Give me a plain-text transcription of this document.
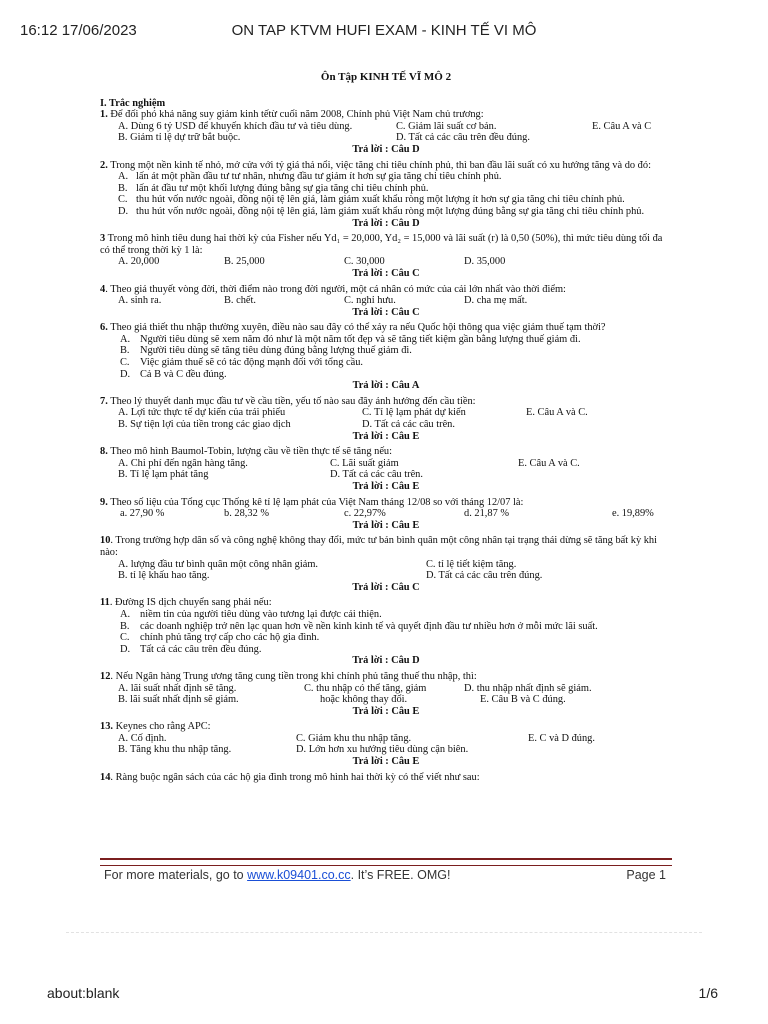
16:12 17/06/2023	ON TAP KTVM HUFI EXAM - KINH TẾ VI MÔ
Ôn Tập KINH TẾ VĨ MÔ 2
I. Trắc nghiệm
1. Để đối phó khả năng suy giảm kinh tếtừ cuối năm 2008, Chính phủ Việt Nam chủ trương:
A. Dùng 6 tỷ USD để khuyến khích đầu tư và tiêu dùng.	C. Giảm lãi suất cơ bản.	E. Câu A và C
B. Giảm tỉ lệ dự trữ bắt buộc.	D. Tất cả các câu trên đều đúng.
Trả lời : Câu D
2. Trong một nền kinh tế nhỏ, mở cửa với tỷ giá thả nổi, việc tăng chi tiêu chính phủ, thì ban đầu lãi suất có xu hướng tăng và do đó:
A. lấn át một phần đầu tư tư nhân, nhưng đầu tư giảm ít hơn sự gia tăng chi tiêu chính phủ.
B. lấn át đầu tư một khối lượng đúng bằng sự gia tăng chi tiêu chính phủ.
C. thu hút vốn nước ngoài, đồng nội tệ lên giá, làm giảm xuất khẩu ròng một lượng ít hơn sự gia tăng chi tiêu chính phủ.
D. thu hút vốn nước ngoài, đồng nội tệ lên giá, làm giảm xuất khẩu ròng một lượng đúng bằng sự gia tăng chi tiêu chính phủ.
Trả lời : Câu D
3 Trong mô hình tiêu dung hai thời kỳ của Fisher nếu Yd₁ = 20,000, Yd₂ = 15,000 và lãi suất (r) là 0,50 (50%), thì mức tiêu dùng tối đa có thể trong thời kỳ 1 là:
A. 20,000	B. 25,000	C. 30,000	D. 35,000
Trả lời : Câu C
4. Theo giả thuyết vòng đời, thời điểm nào trong đời người, một cá nhân có mức của cải lớn nhất vào thời điểm:
A. sinh ra.	B. chết.	C. nghỉ hưu.	D. cha mẹ mất.
Trả lời : Câu C
6. Theo giả thiết thu nhập thường xuyên, điều nào sau đây có thể xảy ra nếu Quốc hội thông qua việc giảm thuế tạm thời?
A. Người tiêu dùng sẽ xem năm đó như là một năm tốt đẹp và sẽ tăng tiết kiệm gần bằng lượng thuế giảm đi.
B.	Người tiêu dùng sẽ tăng tiêu dùng đúng bằng lượng thuế giảm đi.
C.	Việc giảm thuế sẽ có tác động mạnh đối với tổng cầu.
D. Cả B và C đều đúng.
Trả lời : Câu A
7. Theo lý thuyết danh mục đầu tư về cầu tiền, yếu tố nào sau đây ảnh hưởng đến cầu tiền:
A. Lợi tức thực tế dự kiến của trái phiếu	C. Tỉ lệ lạm phát dự kiến	E. Câu A và C.
B. Sự tiện lợi của tiền trong các giao dịch	D. Tất cả các câu trên.
Trả lời : Câu E
8. Theo mô hình Baumol-Tobin, lượng cầu về tiền thực tế sẽ tăng nếu:
A. Chi phí đến ngân hàng tăng.	C. Lãi suất giảm	E. Câu A và C.
B. Tỉ lệ lạm phát tăng	D. Tất cả các câu trên.
Trả lời : Câu E
9. Theo số liệu của Tổng cục Thống kê tỉ lệ lạm phát của Việt Nam tháng 12/08 so với tháng 12/07 là:
a. 27,90 %	b. 28,32 %	c. 22,97%	d. 21,87 %	e. 19,89%
Trả lời : Câu E
10. Trong trường hợp dân số và công nghệ không thay đổi, mức tư bản bình quân một công nhân tại trạng thái dừng sẽ tăng bất kỳ khi nào:
A. lượng đầu tư bình quân một công nhân giảm.	C. tỉ lệ tiết kiệm tăng.
B. tỉ lệ khấu hao tăng.	D. Tất cả các câu trên đúng.
Trả lời : Câu C
11. Đường IS dịch chuyển sang phải nếu:
A. niềm tin của người tiêu dùng vào tương lại được cải thiện.
B.	các doanh nghiệp trở nên lạc quan hơn về nền kinh kinh tế và quyết định đầu tư nhiều hơn ở mỗi mức lãi suất.
C.	chính phủ tăng trợ cấp cho các hộ gia đình.
D. Tất cả các câu trên đều đúng.
Trả lời : Câu D
12. Nếu Ngân hàng Trung ương tăng cung tiền trong khi chính phủ tăng thuế thu nhập, thì:
A. lãi suất nhất định sẽ tăng.	C. thu nhập có thể tăng, giảm	D. thu nhập nhất định sẽ giảm.
B. lãi suất nhất định sẽ giảm.	hoặc không thay đổi.	E. Câu B và C đúng.
Trả lời : Câu E
13. Keynes cho rằng APC:
A. Cố định.	C. Giảm khu thu nhập tăng.	E. C và D đúng.
B. Tăng khu thu nhập tăng.	D. Lớn hơn xu hướng tiêu dùng cận biên.
Trả lời : Câu E
14. Ràng buộc ngân sách của các hộ gia đình trong mô hình hai thời kỳ có thể viết như sau:
For more materials, go to www.k09401.co.cc. It’s FREE. OMG!	Page 1
about:blank	1/6
